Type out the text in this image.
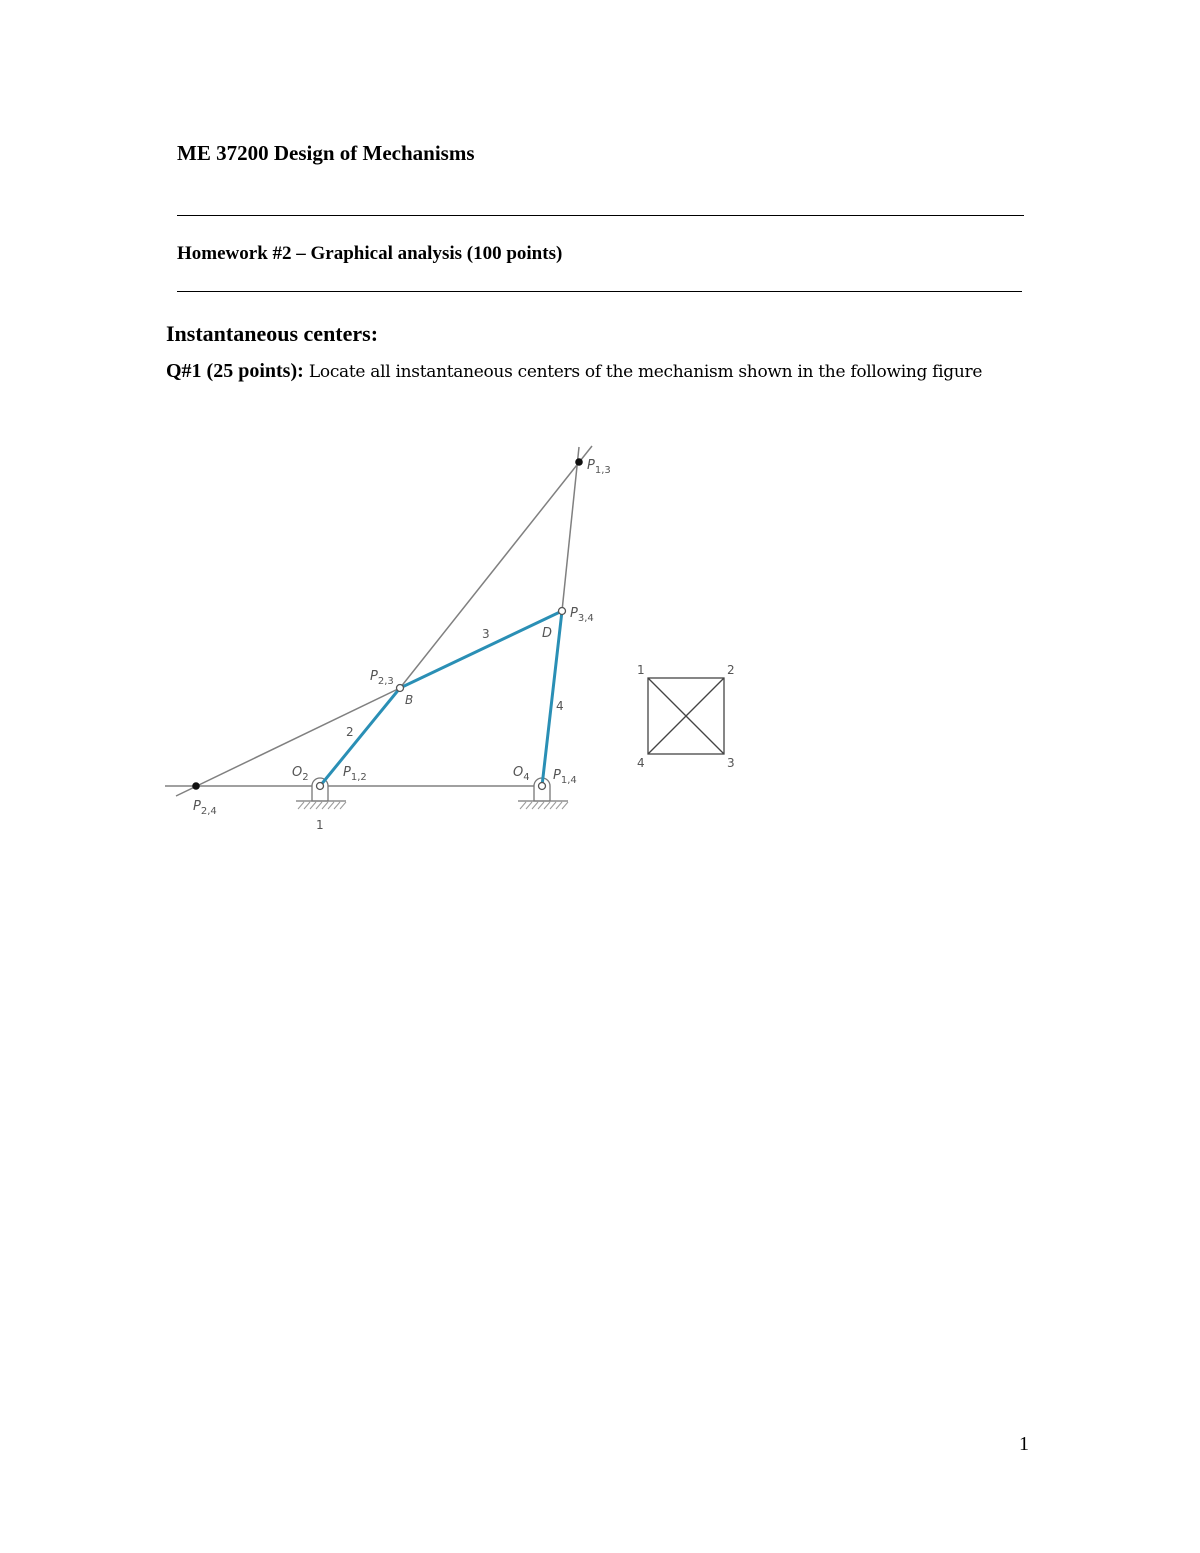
ME 37200 Design of Mechanisms
Homework #2 – Graphical analysis (100 points)
Instantaneous centers:
Q#1 (25 points): Locate all instantaneous centers of the mechanism shown in the following figure
$P_{1,3}$
$P_{3,4}$
$P_{2,3}$
$P_{1,2}$	$P_{1,4}$
$P_{2,4}$
$O_2$	$O_4$
B
D
2
3
4
1
1	2
3
4
1
